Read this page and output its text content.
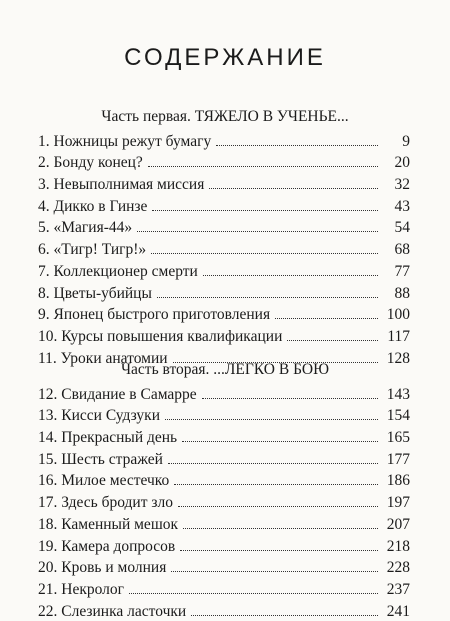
СОДЕРЖАНИЕ
Часть первая. ТЯЖЕЛО В УЧЕНЬЕ...
1. Ножницы режут бумагу	9
2. Бонду конец?	20
3. Невыполнимая миссия	32
4. Дикко в Гинзе	43
5. «Магия-44»	54
6. «Тигр! Тигр!»	68
7. Коллекционер смерти	77
8. Цветы-убийцы	88
9. Японец быстрого приготовления	100
10. Курсы повышения квалификации	117
11. Уроки анатомии	128
Часть вторая. ...ЛЕГКО В БОЮ
12. Свидание в Самарре	143
13. Кисси Судзуки	154
14. Прекрасный день	165
15. Шесть стражей	177
16. Милое местечко	186
17. Здесь бродит зло	197
18. Каменный мешок	207
19. Камера допросов	218
20. Кровь и молния	228
21. Некролог	237
22. Слезинка ласточки	241
